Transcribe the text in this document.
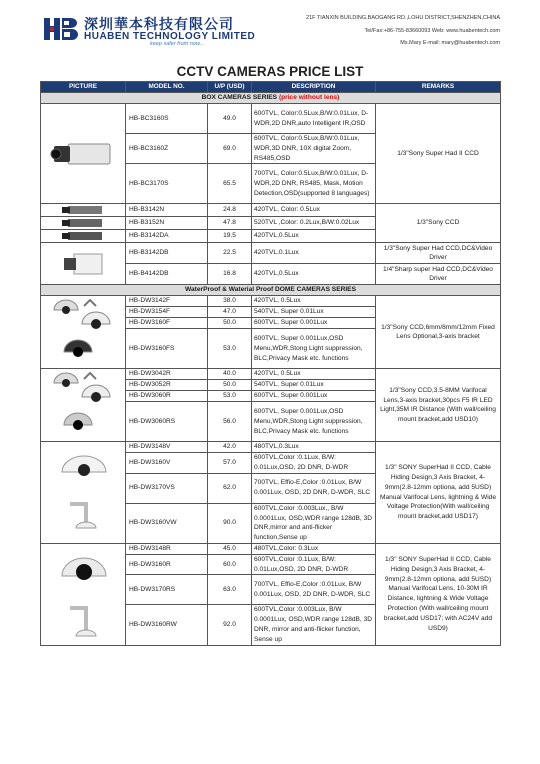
深圳華本科技有限公司
HUABEN TECHNOLOGY LIMITED
keep safer from now...
21F TIANXIN BUILDING,BAOGANG RD.,LOHU DISTRICT,SHENZHEN,CHINA
Tel/Fax:+86-755-83660093 Web: www.huabentech.com
Ms.Mary E-mail: mary@huabentech.com
CCTV CAMERAS PRICE LIST
PICTURE	MODEL NO.	U/P (USD)	DESCRIPTION	REMARKS
BOX CAMERAS SERIES (price without lens)				

	HB-BC3160S	49.0	600TVL, Color:0.5Lux,B/W:0.01Lux, D-WDR,2D DNR,auto Intelligent IR,OSD	1/3"Sony Super Had II CCD
	HB-BC3160Z	69.0	600TVL, Color:0.5Lux,B/W:0.01Lux, WDR,3D DNR, 10X digital Zoom, RS485,OSD	
	HB-BC3170S	65.5	700TVL, Color:0.5Lux,B/W:0.01Lux, D-WDR,2D DNR, RS485, Mask, Motion Detection,OSD(supported 8 languages)	

	HB-B3142N	24.8	420TVL, Color: 0.5Lux	1/3"Sony CCD

	HB-B3152N	47.8	520TVL ,Color: 0.2Lux,B/W:0.02Lux	

	HB-B3142DA	19.5	420TVL,0.5Lux	

	HB-B3142DB	22.5	420TVL,0.1Lux	1/3"Sony Super Had CCD,DC&Video Driver
	HB-B4142DB	16.8	420TVL,0.5Lux	1/4"Sharp super Had CCD,DC&Video Driver
WaterProof & Waterial Proof DOME CAMERAS SERIES				

	HB-DW3142F	38.0	420TVL, 0.5Lux	1/3"Sony CCD,6mm/8mm/12mm Fixed Lens Optional,3-axis bracket
	HB-DW3154F	47.0	540TVL, Super 0.01Lux	
	HB-DW3160F	50.0	600TVL, Super 0.001Lux	
	HB-DW3160FS	53.0	600TVL, Super 0.001Lux,OSD Menu,WDR,Stong Light suppression, BLC,Privacy Mask etc. functions	

	HB-DW3042R	40.0	420TVL, 0.5Lux	1/3"Sony CCD,3.5-8MM Varifocal Lens,3-axis bracket,30pcs F5 IR LED Light,35M IR Distance (With wall/ceiling mount bracket,add USD10)
	HB-DW3052R	50.0	540TVL, Super 0.01Lux	
	HB-DW3060R	53.0	600TVL, Super 0.001Lux	
	HB-DW3060RS	56.0	600TVL, Super 0.001Lux,OSD Menu,WDR,Stong Light suppression, BLC,Privacy Mask etc. functions	

	HB-DW3148V	42.0	480TVL,0.3Lux	1/3" SONY SuperHad II CCD, Cable Hiding Design,3 Axis Bracket, 4-9mm(2.8-12mm optiona, add 5USD) Manual Varifocal Lens, lightning & Wide Voltage Protection(With wall/ceiling mount bracket,add USD17)
	HB-DW3160V	57.0	600TVL,Color :0.1Lux, B/W: 0.01Lux,OSD, 2D DNR, D-WDR	
	HB-DW3170VS	62.0	700TVL, Effio-E,Color :0.01Lux, B/W 0.001Lux, OSD, 2D DNR, D-WDR, SLC	
	HB-DW3160VW	90.0	600TVL,Color :0.003Lux,, B/W 0.0001Lux, OSD,WDR range 128dB, 3D DNR,mirror and anti-flicker function,Sense up	

	HB-DW3148R	45.0	480TVL,Color: 0.3Lux	1/3" SONY SuperHad II CCD, Cable Hiding Design,3 Axis Bracket, 4-9mm(2.8-12mm optiona, add 5USD) Manual Varifocal Lens, 10-30M IR Distance, lightning & Wide Voltage Protection (With wall/ceiling mount bracket,add USD17; with AC24V add USD9)
	HB-DW3160R	60.0	600TVL,Color :0.1Lux, B/W: 0.01Lux,OSD, 2D DNR, D-WDR	
	HB-DW3170RS	63.0	700TVL, Effio-E,Color :0.01Lux, B/W 0.001Lux, OSD, 2D DNR, D-WDR, SLC	
	HB-DW3160RW	92.0	600TVL,Color :0.003Lux, B/W 0.0001Lux, OSD,WDR range 128dB, 3D DNR, mirror and anti-flicker function, Sense up	
